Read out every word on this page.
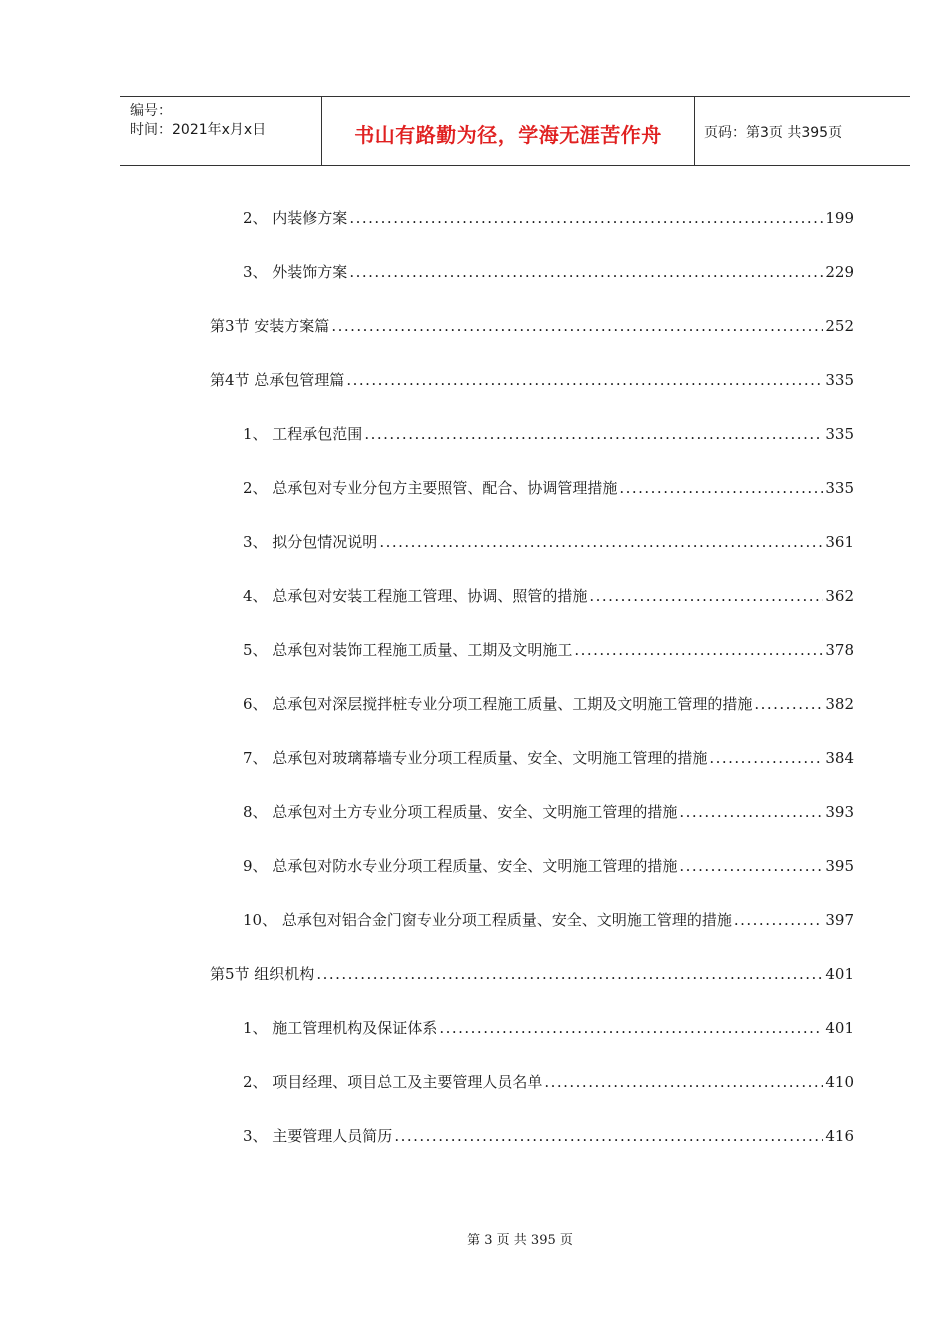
编号：
时间：2021年x月x日	书山有路勤为径，学海无涯苦作舟	页码：第3页 共395页
2、 内装修方案 .....	199
3、 外装饰方案 .....	229
第3节 安装方案篇 .....	252
第4节 总承包管理篇 .....	335
1、 工程承包范围 .....	335
2、 总承包对专业分包方主要照管、配合、协调管理措施 .....	335
3、 拟分包情况说明 .....	361
4、 总承包对安装工程施工管理、协调、照管的措施 .....	362
5、 总承包对装饰工程施工质量、工期及文明施工 .....	378
6、 总承包对深层搅拌桩专业分项工程施工质量、工期及文明施工管理的措施 .....	382
7、 总承包对玻璃幕墙专业分项工程质量、安全、文明施工管理的措施 .....	384
8、 总承包对土方专业分项工程质量、安全、文明施工管理的措施 .....	393
9、 总承包对防水专业分项工程质量、安全、文明施工管理的措施 .....	395
10、 总承包对铝合金门窗专业分项工程质量、安全、文明施工管理的措施 .....	397
第5节 组织机构 .....	401
1、 施工管理机构及保证体系 .....	401
2、 项目经理、项目总工及主要管理人员名单 .....	410
3、 主要管理人员简历 .....	416
第 3 页 共 395 页
